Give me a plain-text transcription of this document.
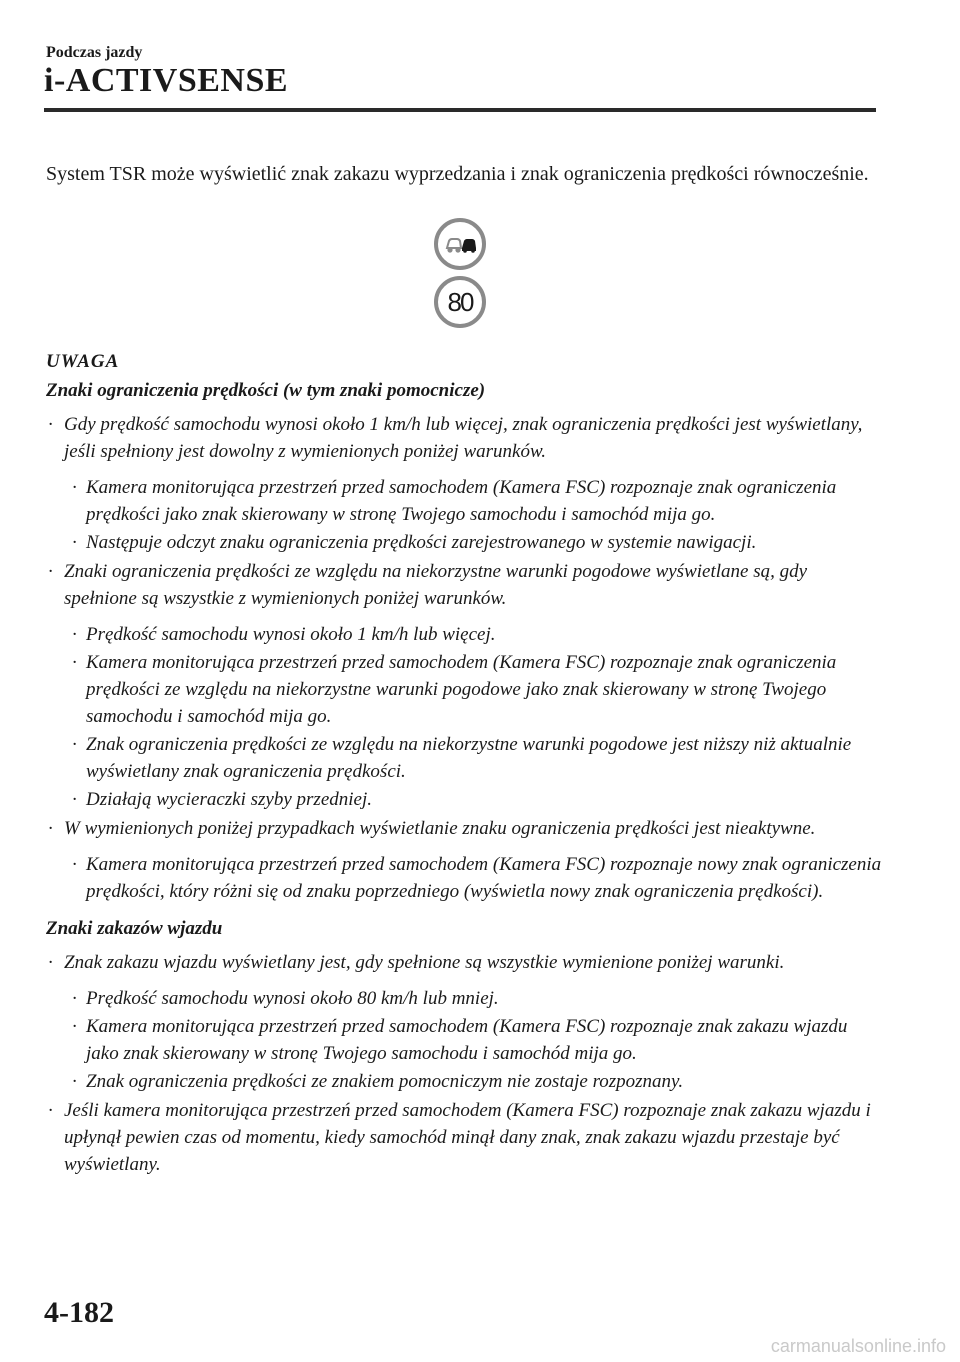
Podczas jazdy
i-ACTIVSENSE
System TSR może wyświetlić znak zakazu wyprzedzania i znak ograniczenia prędkości równocześnie.
80
UWAGA
Znaki ograniczenia prędkości (w tym znaki pomocnicze)
· Gdy prędkość samochodu wynosi około 1 km/h lub więcej, znak ograniczenia prędkości jest wyświetlany, jeśli spełniony jest dowolny z wymienionych poniżej warunków.
· Kamera monitorująca przestrzeń przed samochodem (Kamera FSC) rozpoznaje znak ograniczenia prędkości jako znak skierowany w stronę Twojego samochodu i samochód mija go.
· Następuje odczyt znaku ograniczenia prędkości zarejestrowanego w systemie nawigacji.
· Znaki ograniczenia prędkości ze względu na niekorzystne warunki pogodowe wyświetlane są, gdy spełnione są wszystkie z wymienionych poniżej warunków.
· Prędkość samochodu wynosi około 1 km/h lub więcej.
· Kamera monitorująca przestrzeń przed samochodem (Kamera FSC) rozpoznaje znak ograniczenia prędkości ze względu na niekorzystne warunki pogodowe jako znak skierowany w stronę Twojego samochodu i samochód mija go.
· Znak ograniczenia prędkości ze względu na niekorzystne warunki pogodowe jest niższy niż aktualnie wyświetlany znak ograniczenia prędkości.
· Działają wycieraczki szyby przedniej.
· W wymienionych poniżej przypadkach wyświetlanie znaku ograniczenia prędkości jest nieaktywne.
· Kamera monitorująca przestrzeń przed samochodem (Kamera FSC) rozpoznaje nowy znak ograniczenia prędkości, który różni się od znaku poprzedniego (wyświetla nowy znak ograniczenia prędkości).
Znaki zakazów wjazdu
· Znak zakazu wjazdu wyświetlany jest, gdy spełnione są wszystkie wymienione poniżej warunki.
· Prędkość samochodu wynosi około 80 km/h lub mniej.
· Kamera monitorująca przestrzeń przed samochodem (Kamera FSC) rozpoznaje znak zakazu wjazdu jako znak skierowany w stronę Twojego samochodu i samochód mija go.
· Znak ograniczenia prędkości ze znakiem pomocniczym nie zostaje rozpoznany.
· Jeśli kamera monitorująca przestrzeń przed samochodem (Kamera FSC) rozpoznaje znak zakazu wjazdu i upłynął pewien czas od momentu, kiedy samochód minął dany znak, znak zakazu wjazdu przestaje być wyświetlany.
4-182
carmanualsonline.info
